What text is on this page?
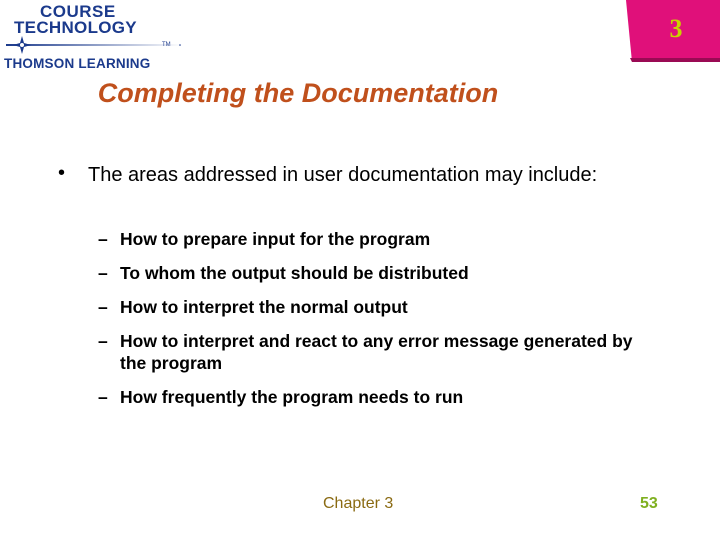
COURSE
TECHNOLOGY
TM
THOMSON LEARNING
3
Completing the Documentation
•	The areas addressed in user documentation may include:
– How to prepare input for the program
– To whom the output should be distributed
– How to interpret the normal output
– How to interpret and react to any error message generated by the program
– How frequently the program needs to run
Chapter 3	53
